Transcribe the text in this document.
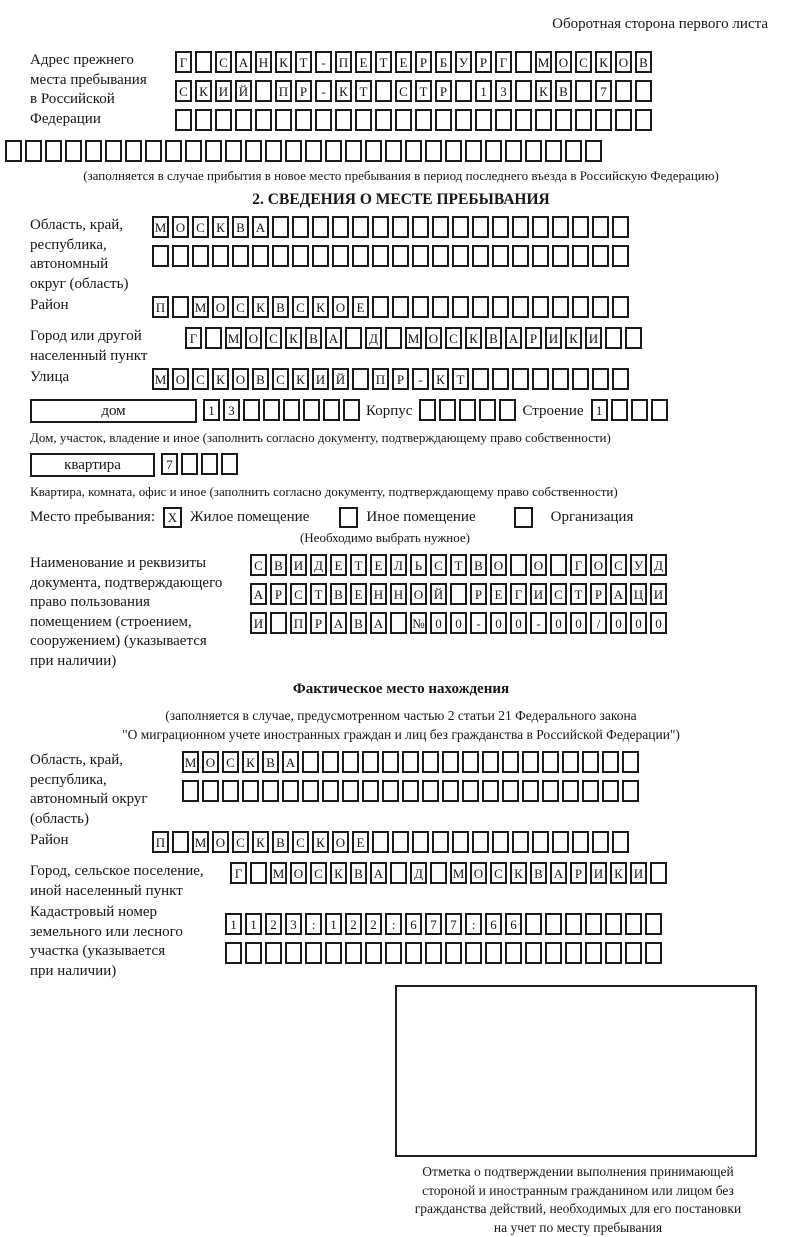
Оборотная сторона первого листа
Адрес прежнего
места пребывания
в Российской
Федерации
Г С А Н К Т - П Е Т Е Р Б У Р Г М О С К О В
С К И Й П Р - К Т С Т Р	1 3 К В 7
(заполняется в случае прибытия в новое место пребывания в период последнего въезда в Российскую Федерацию)
2. СВЕДЕНИЯ О МЕСТЕ ПРЕБЫВАНИЯ
Область, край,
республика,
автономный
округ (область)
М О С К В А
Район	П М О С К В С К О Е
Город или другой
населенный пункт
Г М О С К В А Д М О С К В А Р И К И
Улица	М О С К О В С К И Й П Р - К Т
дом	1 3	Корпус	Строение 1
Дом, участок, владение и иное (заполнить согласно документу, подтверждающему право собственности)
квартира	7
Квартира, комната, офис и иное (заполнить согласно документу, подтверждающему право собственности)
Место пребывания: X Жилое помещение	Иное помещение	Организация
(Необходимо выбрать нужное)
Наименование и реквизиты
документа, подтверждающего
право пользования
помещением (строением,
сооружением) (указывается
при наличии)
С В И Д Е Т Е Л Ь С Т В О О Г О С У Д
А Р С Т В Е Н Н О Й Р Е Г И С Т Р А Ц И
И П Р А В А № 0 0 - 0 0 - 0 0 / 0 0 0
Фактическое место нахождения
(заполняется в случае, предусмотренном частью 2 статьи 21 Федерального закона
"О миграционном учете иностранных граждан и лиц без гражданства в Российской Федерации")
Область, край,
республика,
автономный округ
(область)
М О С К В А
Район	П М О С К В С К О Е
Город, сельское поселение,
иной населенный пункт
Г М О С К В А Д М О С К В А Р И К И
Кадастровый номер
земельного или лесного
участка (указывается
при наличии)
1 1 2 3 : 1 2 2 : 6 7 7 : 6 6
Отметка о подтверждении выполнения принимающей
стороной и иностранным гражданином или лицом без
гражданства действий, необходимых для его постановки
на учет по месту пребывания
